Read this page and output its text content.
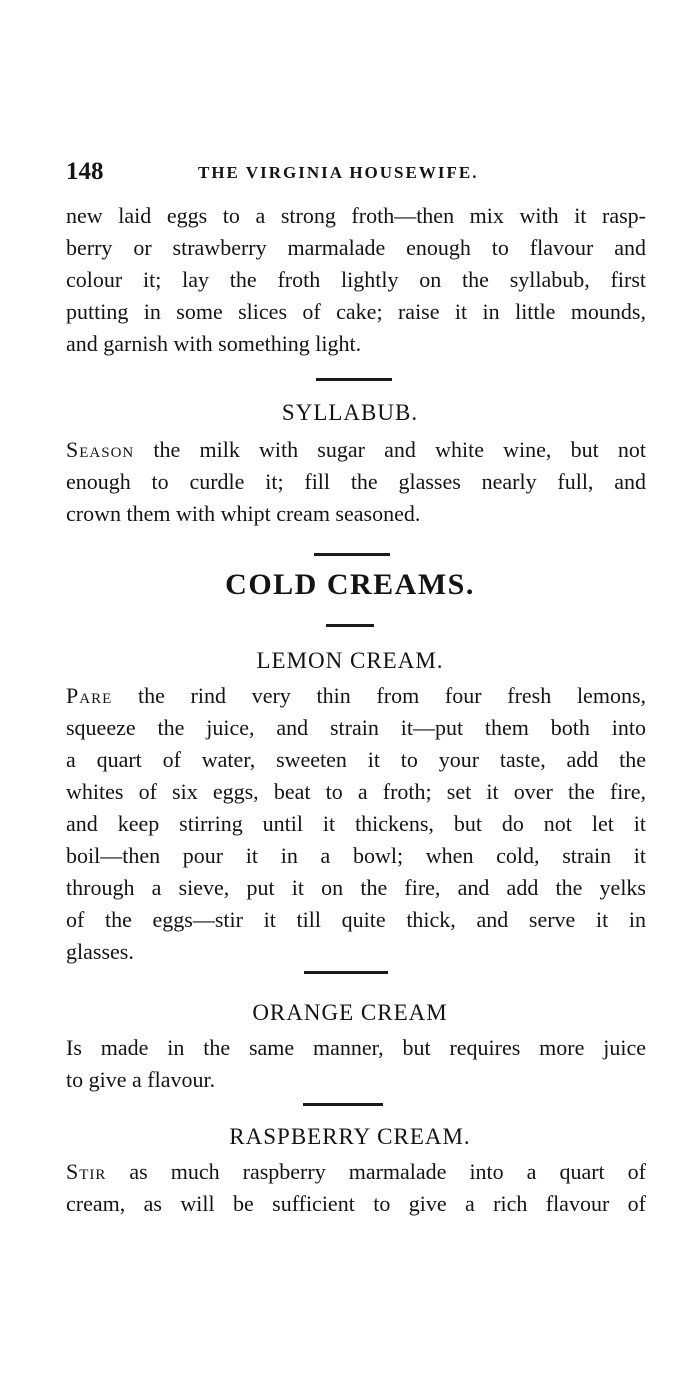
148	THE VIRGINIA HOUSEWIFE.
new laid eggs to a strong froth—then mix with it rasp-
berry or strawberry marmalade enough to flavour and
colour it; lay the froth lightly on the syllabub, first
putting in some slices of cake; raise it in little mounds,
and garnish with something light.
SYLLABUB.
Season the milk with sugar and white wine, but not
enough to curdle it; fill the glasses nearly full, and
crown them with whipt cream seasoned.
COLD CREAMS.
LEMON CREAM.
Pare the rind very thin from four fresh lemons,
squeeze the juice, and strain it—put them both into
a quart of water, sweeten it to your taste, add the
whites of six eggs, beat to a froth; set it over the fire,
and keep stirring until it thickens, but do not let it
boil—then pour it in a bowl; when cold, strain it
through a sieve, put it on the fire, and add the yelks
of the eggs—stir it till quite thick, and serve it in
glasses.
ORANGE CREAM
Is made in the same manner, but requires more juice
to give a flavour.
RASPBERRY CREAM.
Stir as much raspberry marmalade into a quart of
cream, as will be sufficient to give a rich flavour of
